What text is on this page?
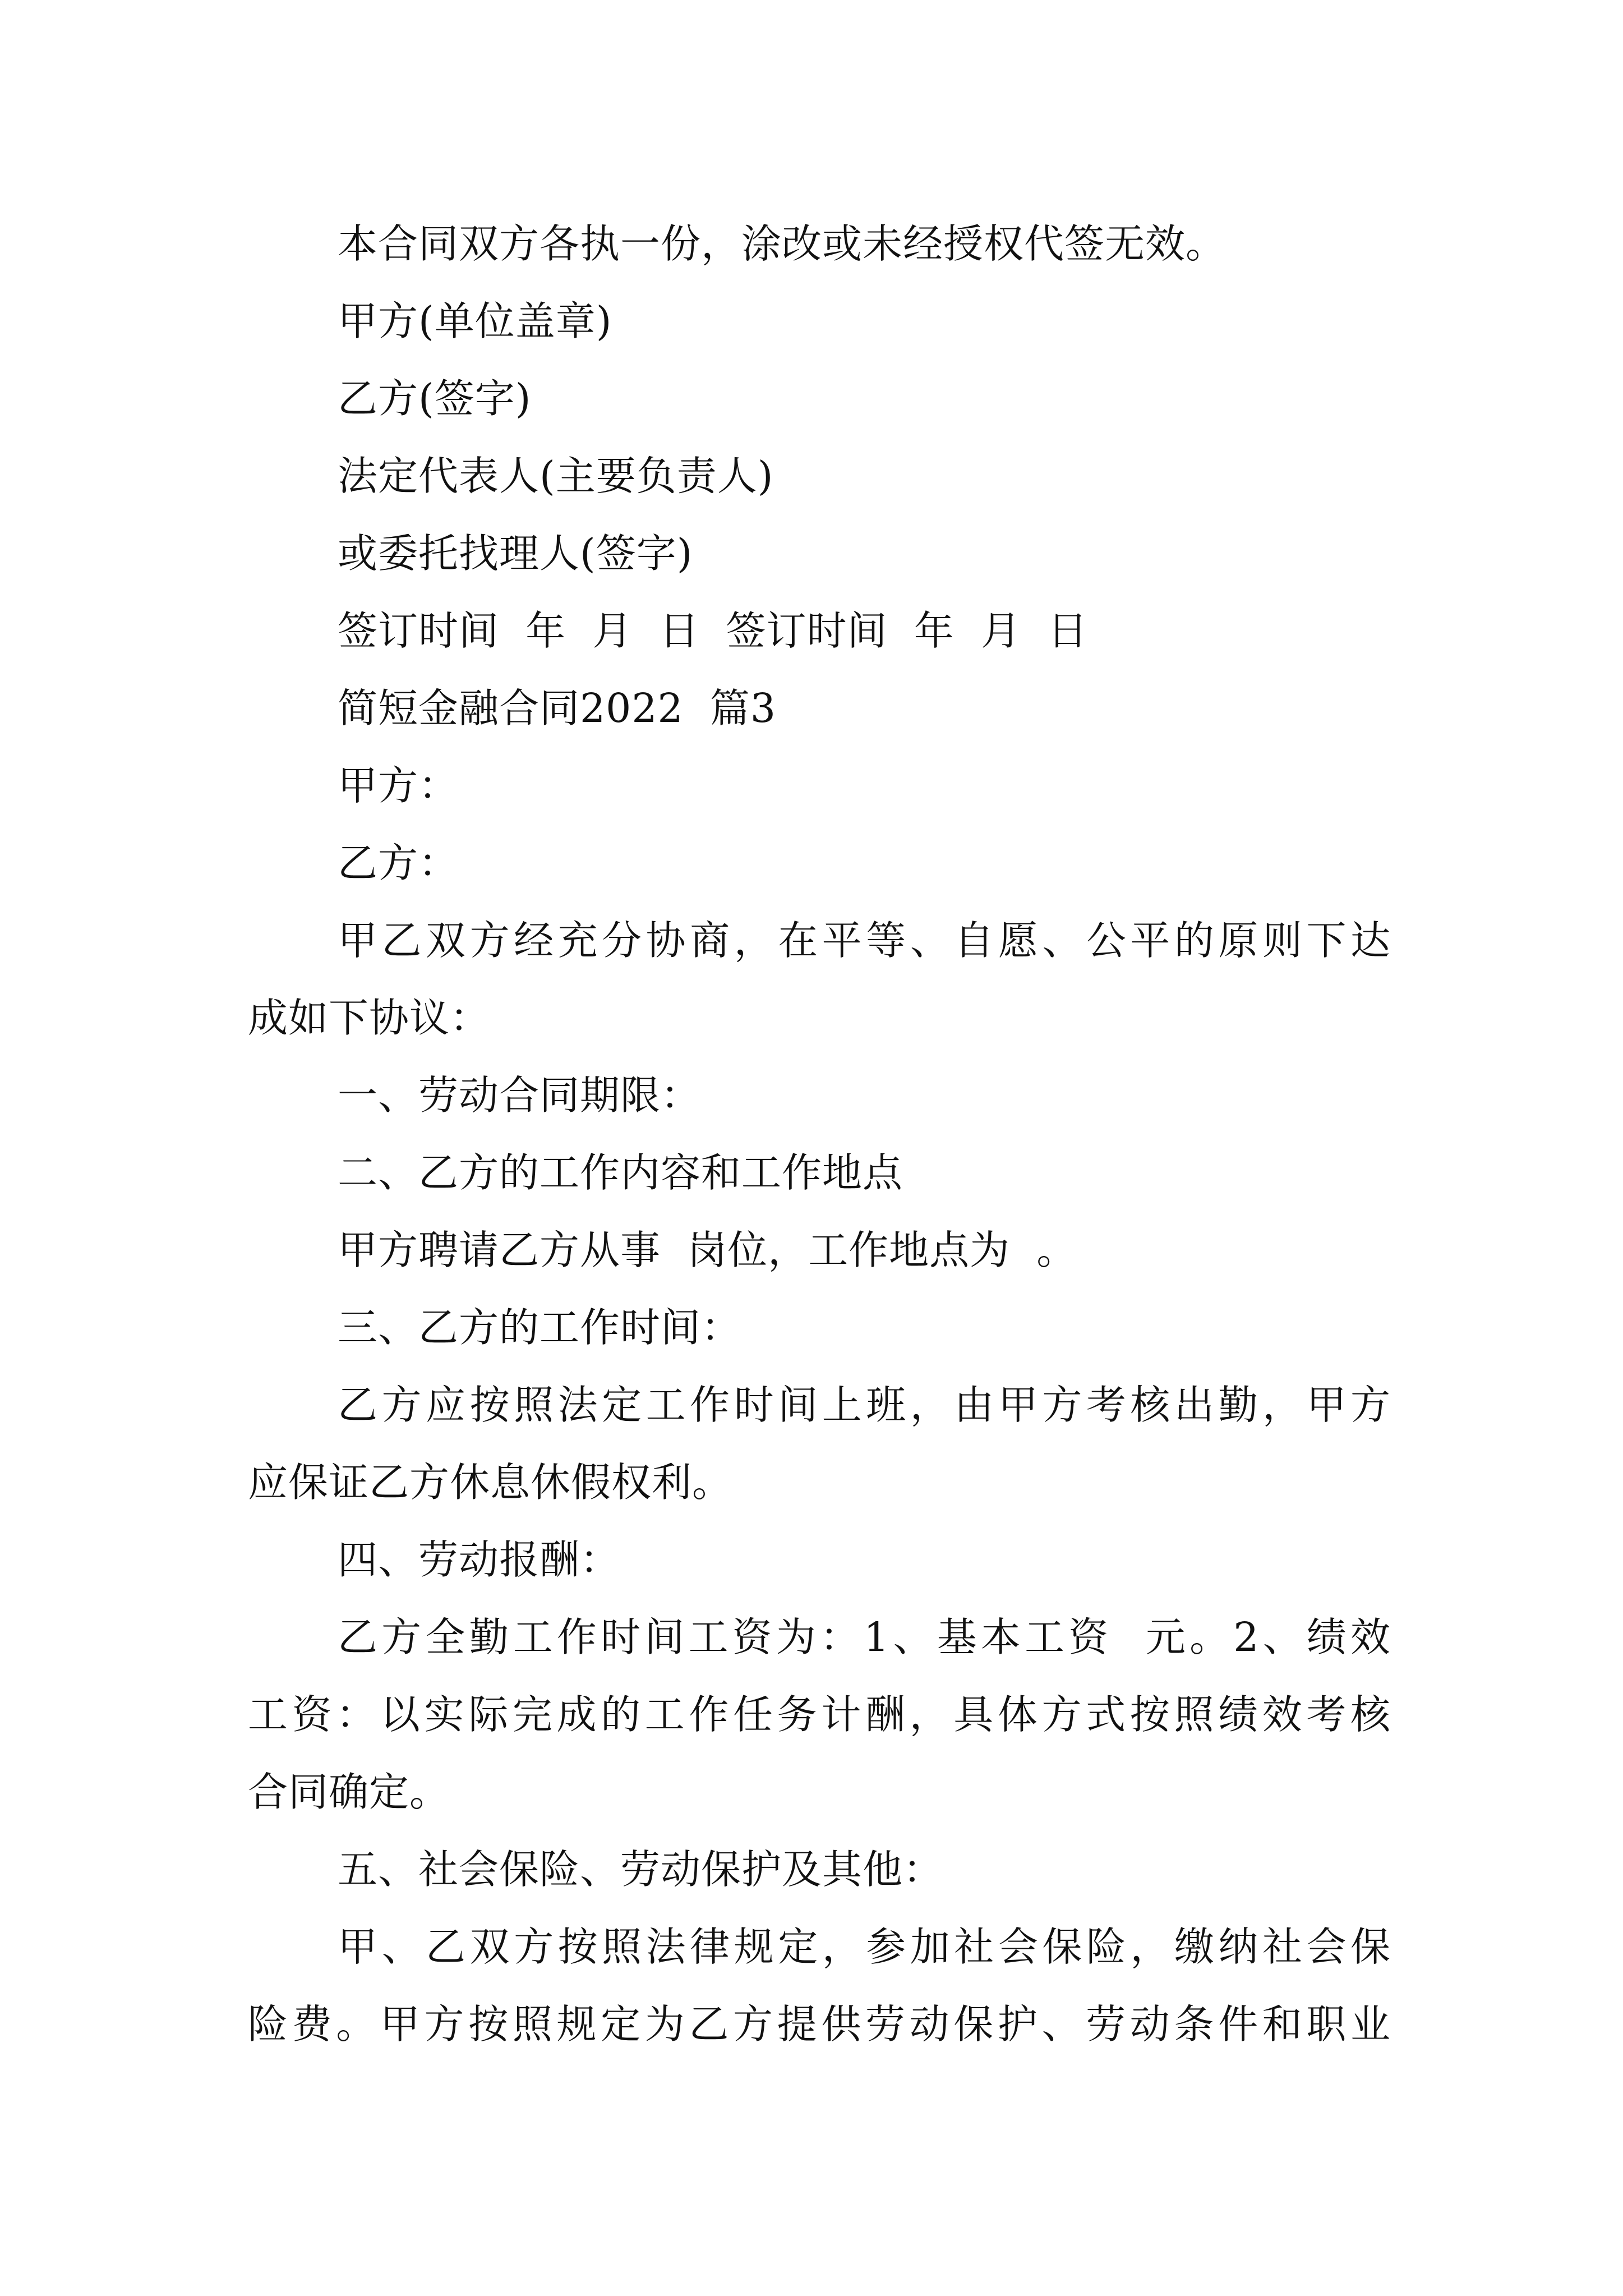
本合同双方各执一份，涂改或未经授权代签无效。

甲方(单位盖章)

乙方(签字)

法定代表人(主要负责人)

或委托找理人(签字)

签订时间  年  月  日  签订时间  年  月  日

简短金融合同2022  篇3

甲方：

乙方：

甲乙双方经充分协商，在平等、自愿、公平的原则下达

成如下协议：

一、劳动合同期限：

二、乙方的工作内容和工作地点

甲方聘请乙方从事  岗位，工作地点为  。

三、乙方的工作时间：

乙方应按照法定工作时间上班，由甲方考核出勤，甲方

应保证乙方休息休假权利。

四、劳动报酬：

乙方全勤工作时间工资为：1、基本工资  元。2、绩效

工资：以实际完成的工作任务计酬，具体方式按照绩效考核

合同确定。

五、社会保险、劳动保护及其他：

甲、乙双方按照法律规定，参加社会保险，缴纳社会保

险费。甲方按照规定为乙方提供劳动保护、劳动条件和职业
